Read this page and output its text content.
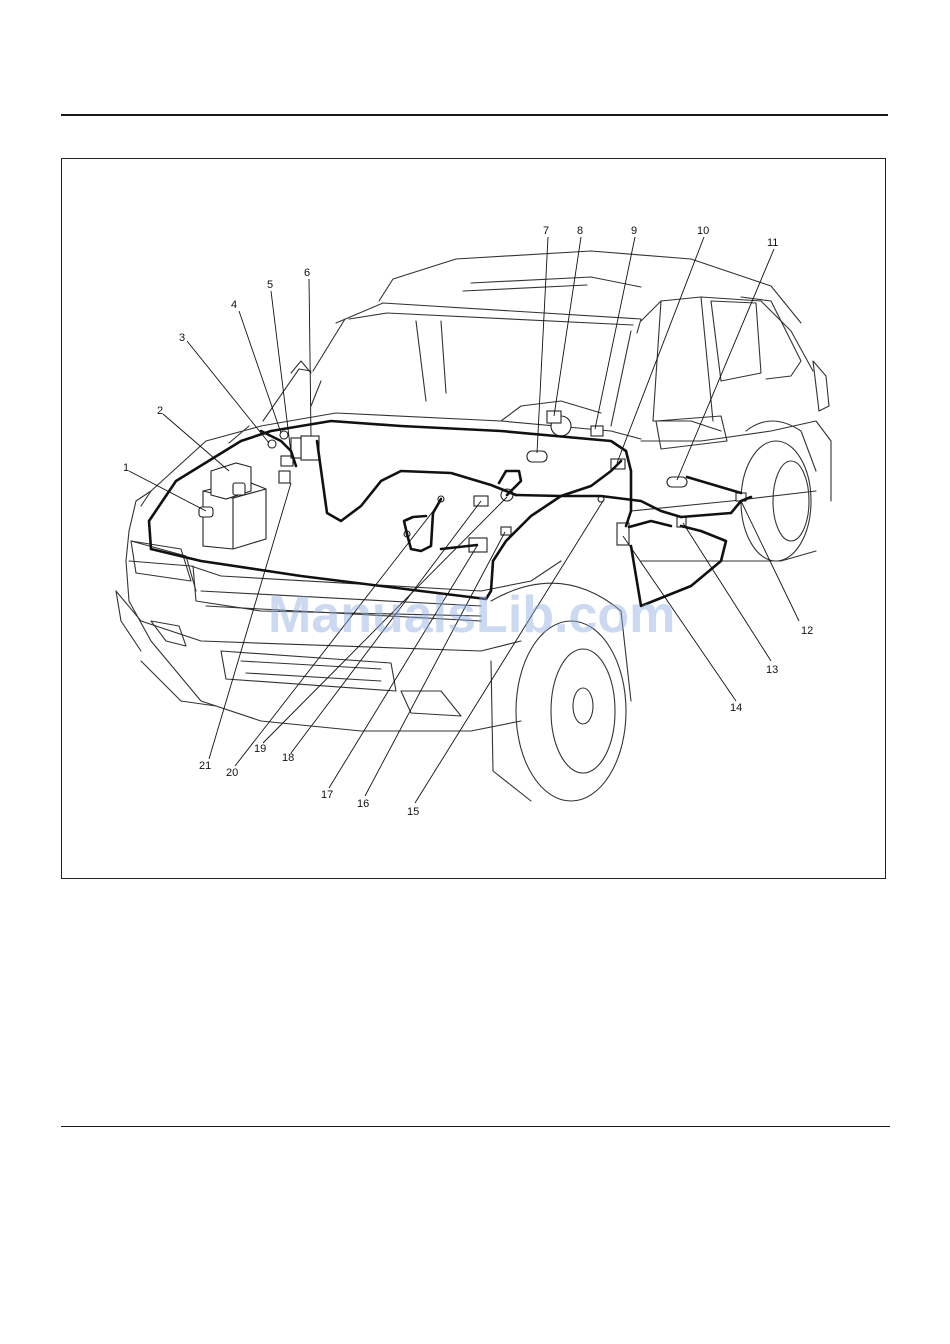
1
2
3
4
5
6
7	8	9	10
11
12
13
14
15
16
17
18
19
20
21
ManualsLib.com
